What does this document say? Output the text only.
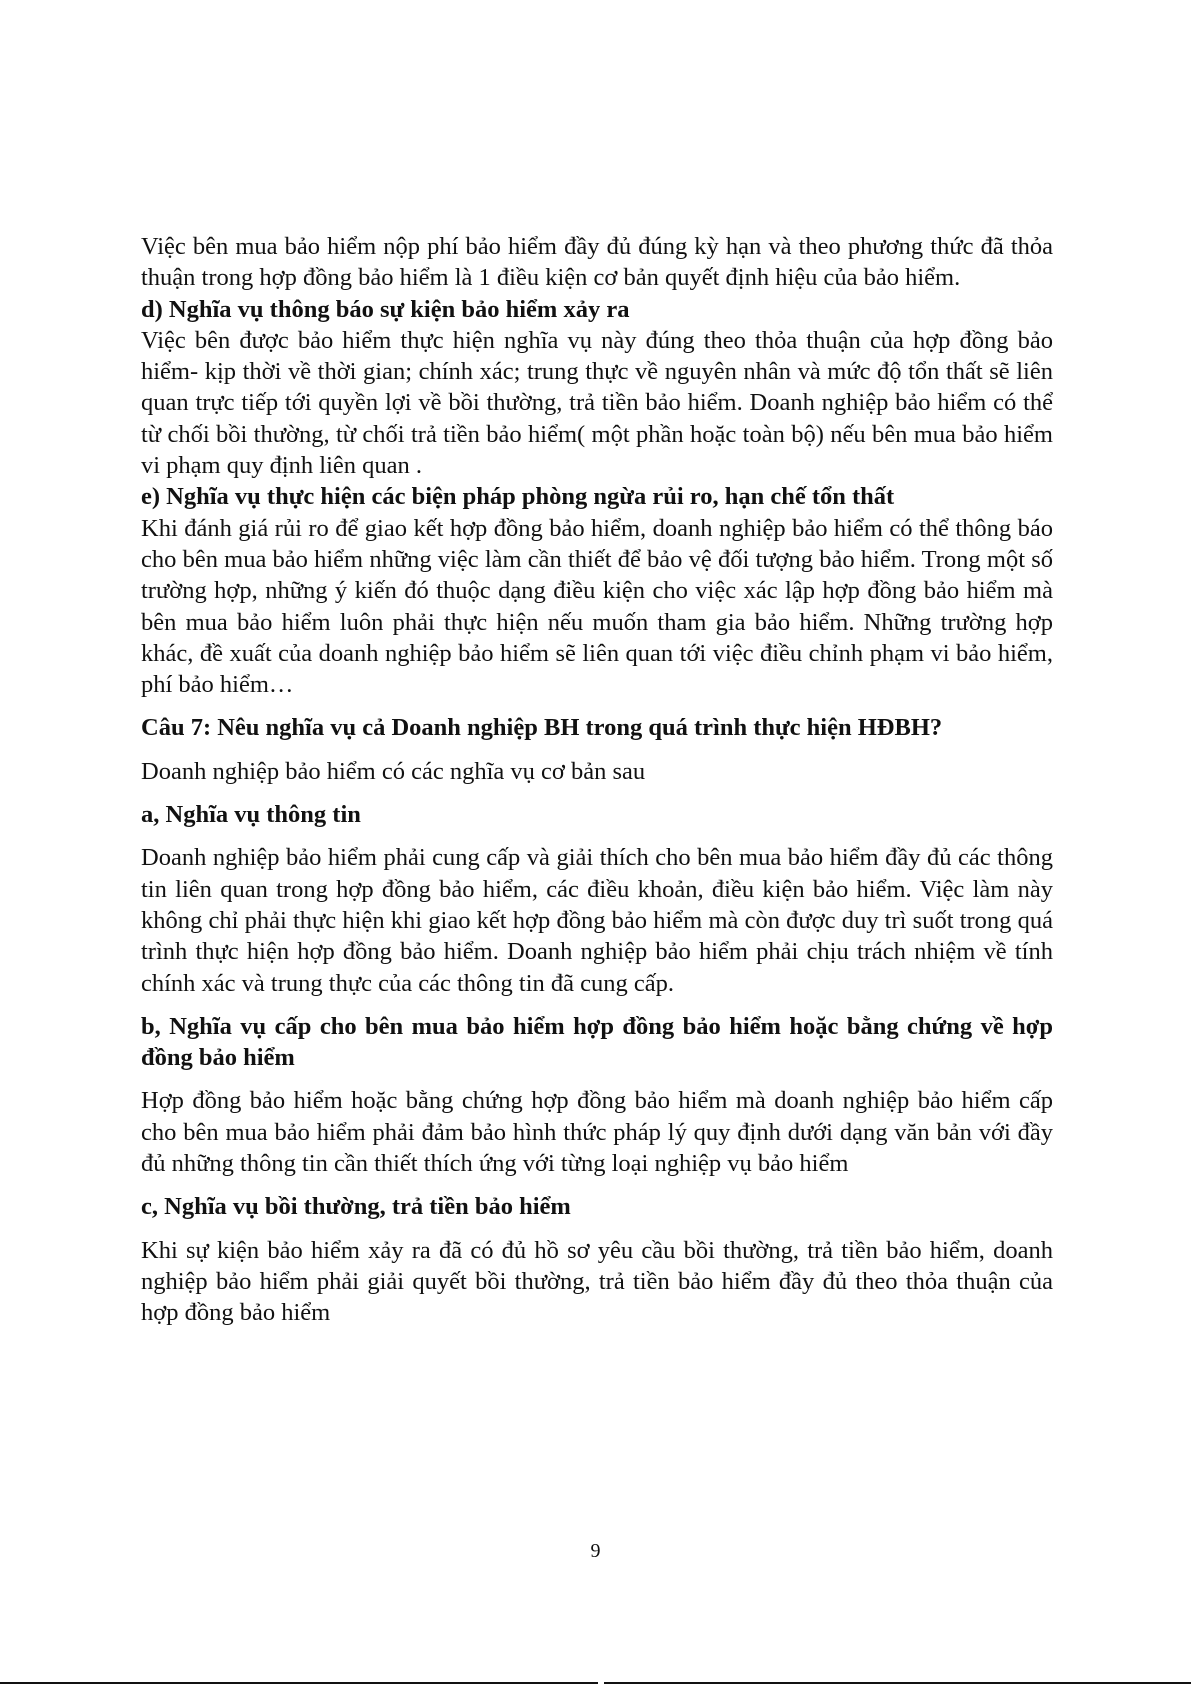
Việc bên mua bảo hiểm nộp phí bảo hiểm đầy đủ đúng kỳ hạn và theo phương thức đã thỏa thuận trong hợp đồng bảo hiểm là 1 điều kiện cơ bản quyết định hiệu của bảo hiểm.

d) Nghĩa vụ thông báo sự kiện bảo hiểm xảy ra

Việc bên được bảo hiểm thực hiện nghĩa vụ này đúng theo thỏa thuận của hợp đồng bảo hiểm- kịp thời về thời gian; chính xác; trung thực về nguyên nhân và mức độ tổn thất sẽ liên quan trực tiếp tới quyền lợi về bồi thường, trả tiền bảo hiểm. Doanh nghiệp bảo hiểm có thể từ chối bồi thường, từ chối trả tiền bảo hiểm( một phần hoặc toàn bộ) nếu bên mua bảo hiểm vi phạm quy định liên quan .

e) Nghĩa vụ thực hiện các biện pháp phòng ngừa rủi ro, hạn chế tổn thất

Khi đánh giá rủi ro để giao kết hợp đồng bảo hiểm, doanh nghiệp bảo hiểm có thể thông báo cho bên mua bảo hiểm những việc làm cần thiết để bảo vệ đối tượng bảo hiểm. Trong một số trường hợp, những ý kiến đó thuộc dạng điều kiện cho việc xác lập hợp đồng bảo hiểm mà bên mua bảo hiểm luôn phải thực hiện nếu muốn tham gia bảo hiểm. Những trường hợp khác, đề xuất của doanh nghiệp bảo hiểm sẽ liên quan tới việc điều chỉnh phạm vi bảo hiểm, phí bảo hiểm…

Câu 7: Nêu nghĩa vụ cả Doanh nghiệp BH trong quá trình thực hiện HĐBH?

Doanh nghiệp bảo hiểm có các nghĩa vụ cơ bản sau

a, Nghĩa vụ thông tin

Doanh nghiệp bảo hiểm phải cung cấp và giải thích cho bên mua bảo hiểm đầy đủ các thông tin liên quan trong hợp đồng bảo hiểm, các điều khoản, điều kiện bảo hiểm. Việc làm này không chỉ phải thực hiện khi giao kết hợp đồng bảo hiểm mà còn được duy trì suốt trong quá trình thực hiện hợp đồng bảo hiểm. Doanh nghiệp bảo hiểm phải chịu trách nhiệm về tính chính xác và trung thực của các thông tin đã cung cấp.

b, Nghĩa vụ cấp cho bên mua bảo hiểm hợp đồng bảo hiểm hoặc bằng chứng về hợp đồng bảo hiểm

Hợp đồng bảo hiểm hoặc bằng chứng hợp đồng bảo hiểm mà doanh nghiệp bảo hiểm cấp cho bên mua bảo hiểm phải đảm bảo hình thức pháp lý quy định dưới dạng văn bản với đầy đủ những thông tin cần thiết thích ứng với từng loại nghiệp vụ bảo hiểm

c, Nghĩa vụ bồi thường, trả tiền bảo hiểm

Khi sự kiện bảo hiểm xảy ra đã có đủ hồ sơ yêu cầu bồi thường, trả tiền bảo hiểm, doanh nghiệp bảo hiểm phải giải quyết bồi thường, trả tiền bảo hiểm đầy đủ theo thỏa thuận của hợp đồng bảo hiểm

9
